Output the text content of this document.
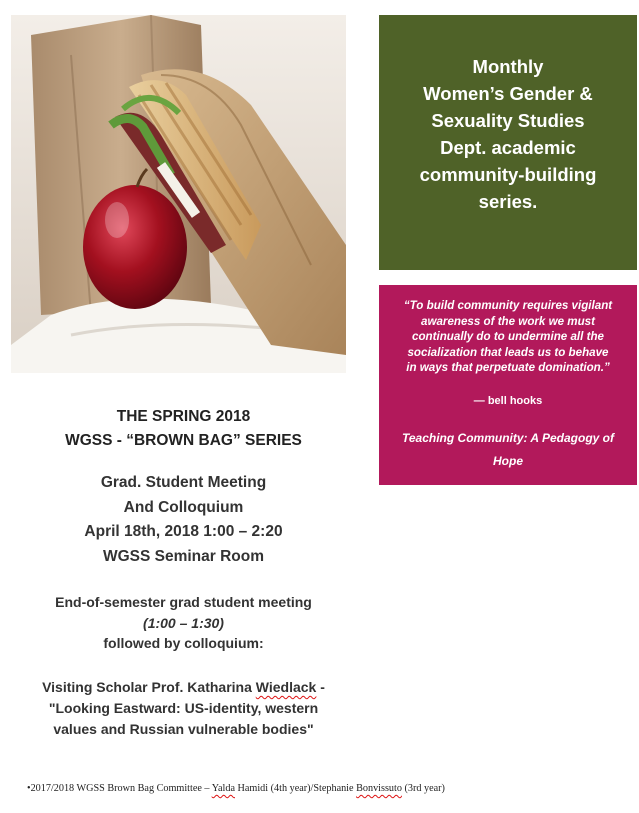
Monthly
Women’s Gender &
Sexuality Studies
Dept. academic
community-building
series.
“To build community requires vigilant
awareness of the work we must
continually do to undermine all the
socialization that leads us to behave
in ways that perpetuate domination.”
— bell hooks
Teaching Community: A Pedagogy of
Hope
THE SPRING 2018
WGSS - “BROWN BAG” SERIES
Grad. Student Meeting
And Colloquium
April 18th, 2018 1:00 – 2:20
WGSS Seminar Room
End-of-semester grad student meeting
(1:00 – 1:30)
followed by colloquium:
Visiting Scholar Prof. Katharina Wiedlack -
"Looking Eastward: US-identity, western
values and Russian vulnerable bodies"
•2017/2018 WGSS Brown Bag Committee – Yalda Hamidi (4th year)/Stephanie Bonvissuto (3rd year)
